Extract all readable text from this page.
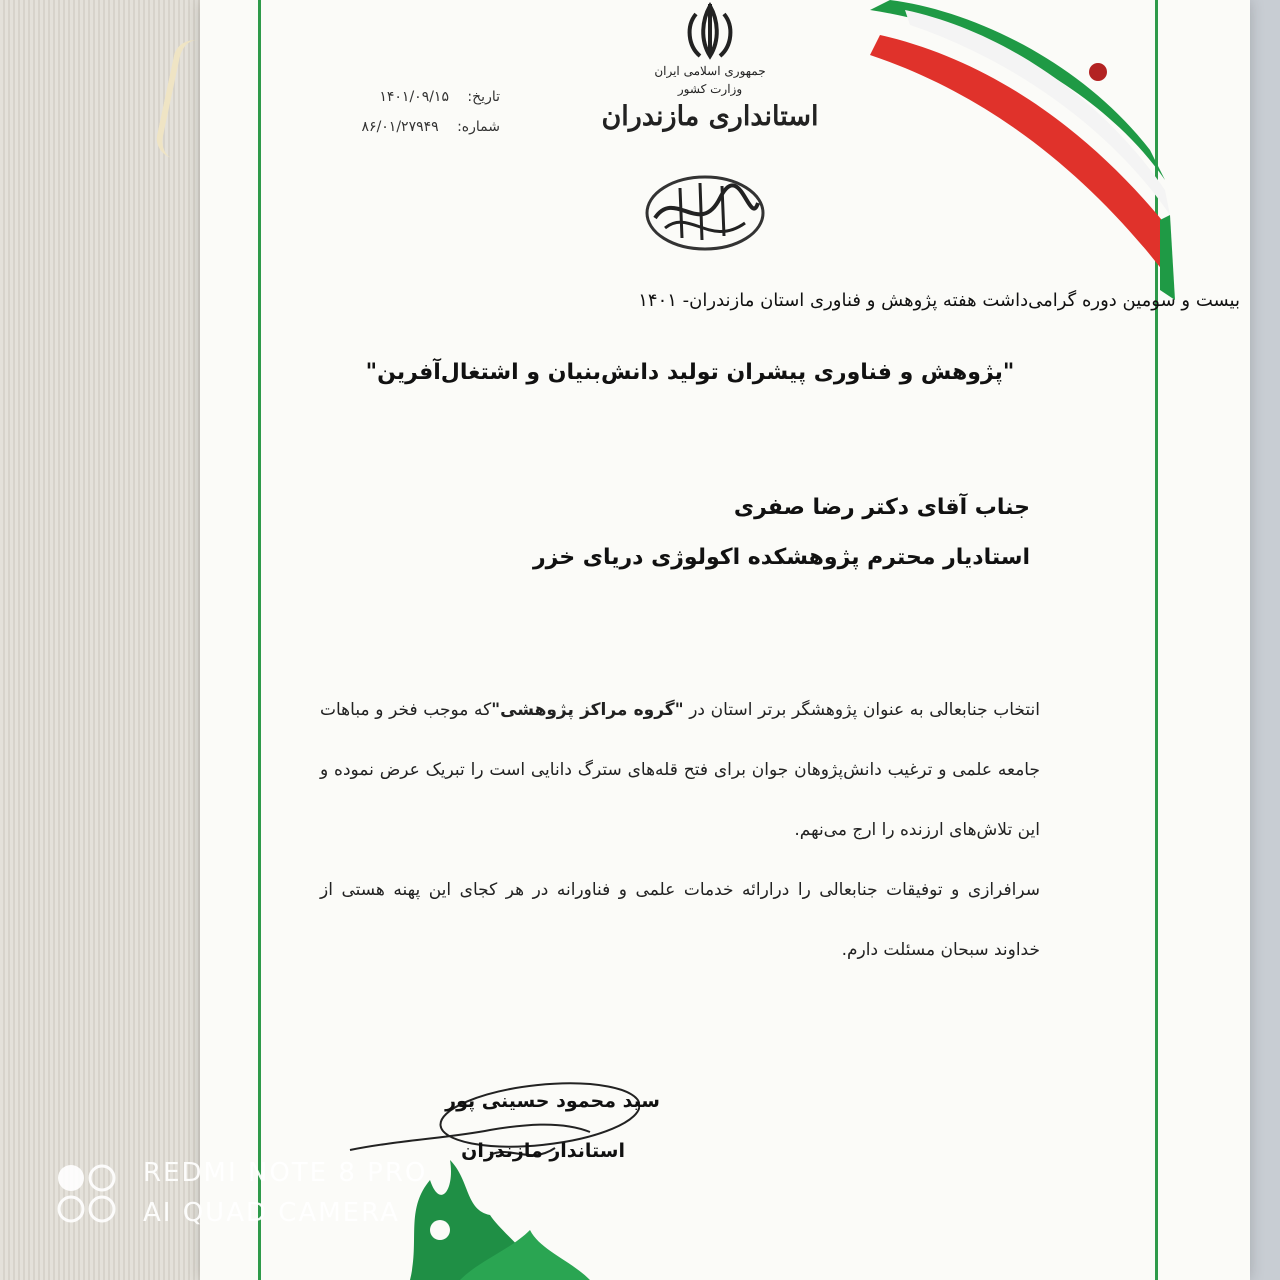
جمهوری اسلامی ایران
وزارت کشور
استانداری مازندران
تاریخ: ۱۴۰۱/۰۹/۱۵
شماره: ۸۶/۰۱/۲۷۹۴۹
بیست و سومین دوره گرامی‌داشت هفته پژوهش و فناوری استان مازندران- ۱۴۰۱
"پژوهش و فناوری پیشران تولید دانش‌بنیان و اشتغال‌آفرین"
جناب آقای دکتر رضا صفری
استادیار محترم پژوهشکده اکولوژی دریای خزر

انتخاب جنابعالی به عنوان پژوهشگر برتر استان در "گروه مراکز پژوهشی"که موجب فخر و مباهات جامعه علمی و ترغیب دانش‌پژوهان جوان برای فتح قله‌های سترگ دانایی است را تبریک عرض نموده و این تلاش‌های ارزنده را ارج می‌نهم.

سرافرازی و توفیقات جنابعالی را درارائه خدمات علمی و فناورانه در هر کجای این پهنه هستی از خداوند سبحان مسئلت دارم.

سید محمود حسینی پور
استاندار مازندران
REDMI NOTE 8 PRO
AI QUAD CAMERA
